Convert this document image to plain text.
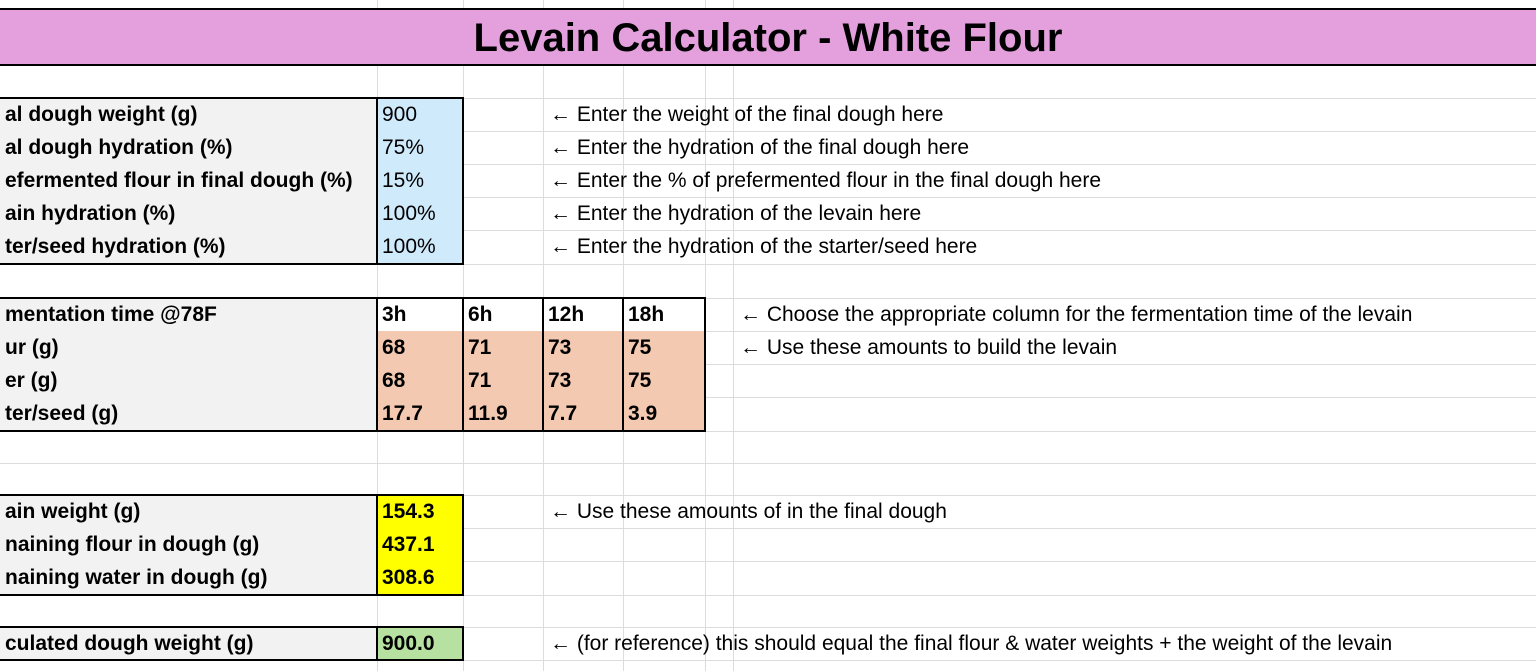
Levain Calculator - White Flour
al dough weight (g)	900	← Enter the weight of the final dough here
al dough hydration (%)	75%	← Enter the hydration of the final dough here
efermented flour in final dough (%)	15%	← Enter the % of prefermented flour in the final dough here
ain hydration (%)	100%	← Enter the hydration of the levain here
ter/seed hydration (%)	100%	← Enter the hydration of the starter/seed here
mentation time @78F	3h	6h	12h	18h	← Choose the appropriate column for the fermentation time of the levain
ur (g)	68	71	73	75	← Use these amounts to build the levain
er (g)	68	71	73	75
ter/seed (g)	17.7	11.9	7.7	3.9
ain weight (g)	154.3	← Use these amounts of in the final dough
naining flour in dough (g)	437.1
naining water in dough (g)	308.6
culated dough weight (g)	900.0	← (for reference) this should equal the final flour & water weights + the weight of the levain
